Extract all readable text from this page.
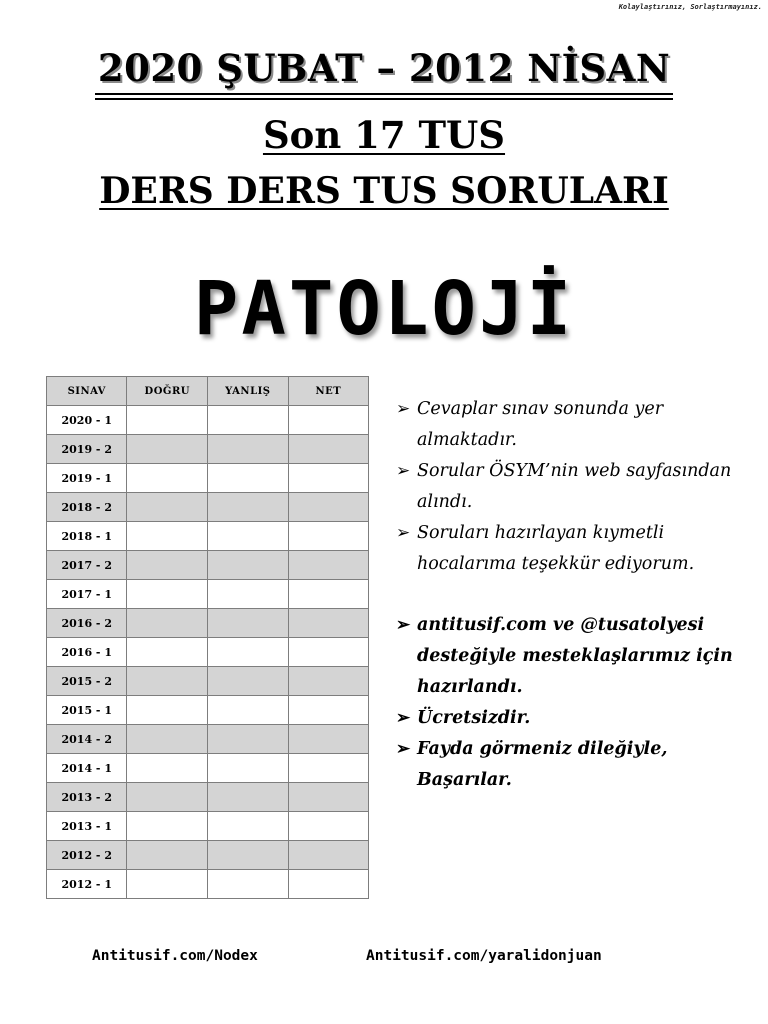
Kolaylaştırınız, Sorlaştırmayınız.
2020 ŞUBAT – 2012 NİSAN
Son 17 TUS
DERS DERS TUS SORULARI
PATOLOJİ
SINAV	DOĞRU	YANLIŞ	NET
2020 - 1			
2019 - 2			
2019 - 1			
2018 - 2			
2018 - 1			
2017 - 2			
2017 - 1			
2016 - 2			
2016 - 1			
2015 - 2			
2015 - 1			
2014 - 2			
2014 - 1			
2013 - 2			
2013 - 1			
2012 - 2			
2012 - 1			
➢ Cevaplar sınav sonunda yer almaktadır.
➢ Sorular ÖSYM’nin web sayfasından alındı.
➢ Soruları hazırlayan kıymetli hocalarıma teşekkür ediyorum.
➢ antitusif.com ve @tusatolyesi desteğiyle mesteklaşlarımız için hazırlandı.
➢ Ücretsizdir.
➢ Fayda görmeniz dileğiyle, Başarılar.
Antitusif.com/Nodex	Antitusif.com/yaralidonjuan
